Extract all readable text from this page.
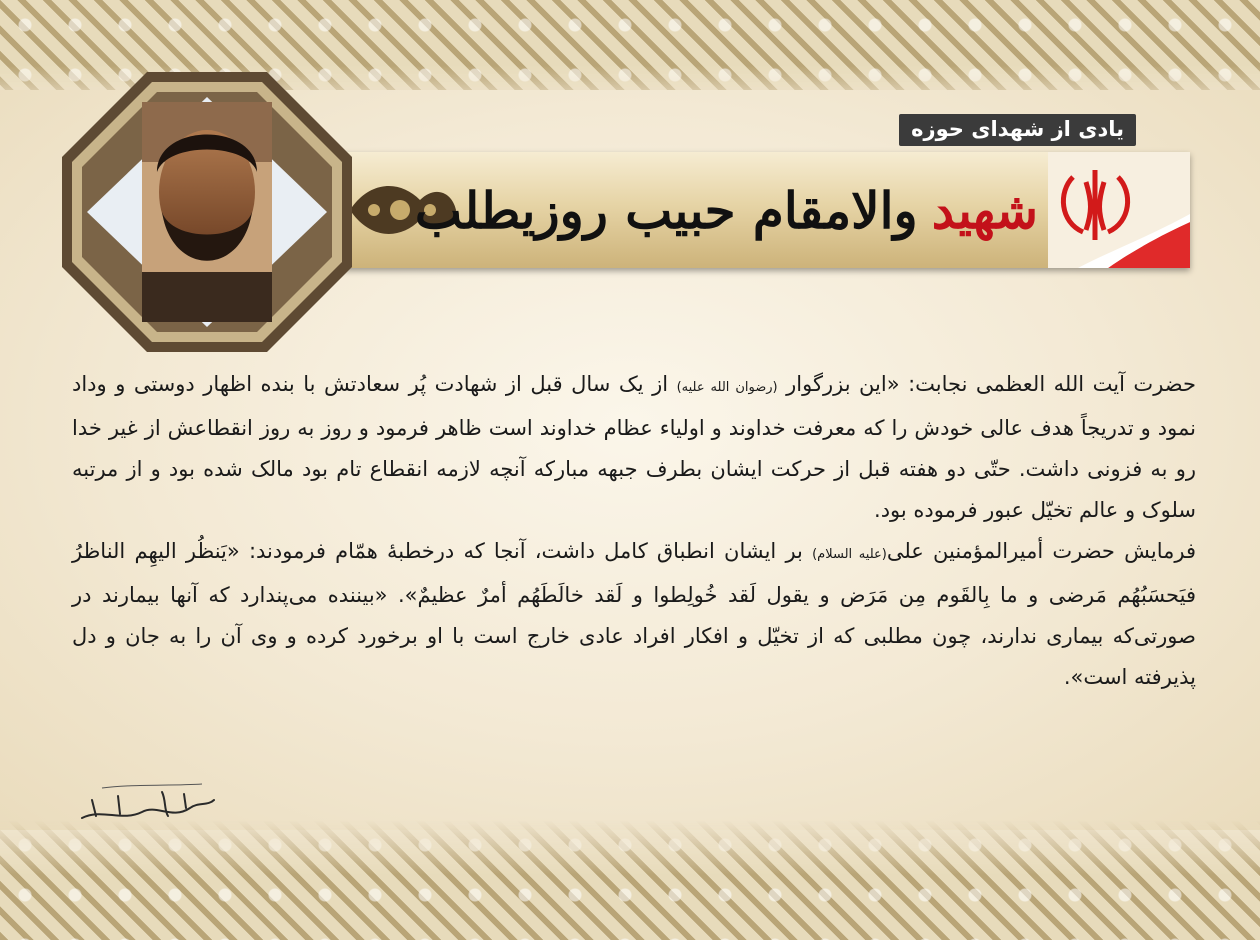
شهید
والامقام حبیب روزیطلب
یادی از شهدای حوزه

حضرت آیت الله العظمی نجابت: «این بزرگوار (رضوان الله علیه) از یک سال قبل از شهادت پُر سعادتش با بنده اظهار دوستی و وداد نمود و تدریجاً هدف عالی خودش را که معرفت خداوند و اولیاء عظام خداوند است ظاهر فرمود و روز به روز انقطاعش از غیر خدا رو به فزونی داشت. حتّی دو هفته قبل از حرکت ایشان بطرف جبهه مبارکه آنچه لازمه انقطاع تام بود مالک شده بود و از مرتبه سلوک و عالم تخیّل عبور فرموده بود.

فرمایش حضرت أمیرالمؤمنین علی(علیه السلام) بر ایشان انطباق کامل داشت، آنجا که درخطبهٔ همّام فرمودند: «یَنظُر الیهِم الناظرُ فیَحسَبُهُم مَرضی و ما بِالقَوم مِن مَرَض و یقول لَقد خُولِطوا و لَقد خالَطَهُم أمرٌ عظیمٌ». «بیننده می‌پندارد که آنها بیمارند در صورتی‌که بیماری ندارند، چون مطلبی که از تخیّل و افکار افراد عادی خارج است با او برخورد کرده و وی آن را به جان و دل پذیرفته است».
